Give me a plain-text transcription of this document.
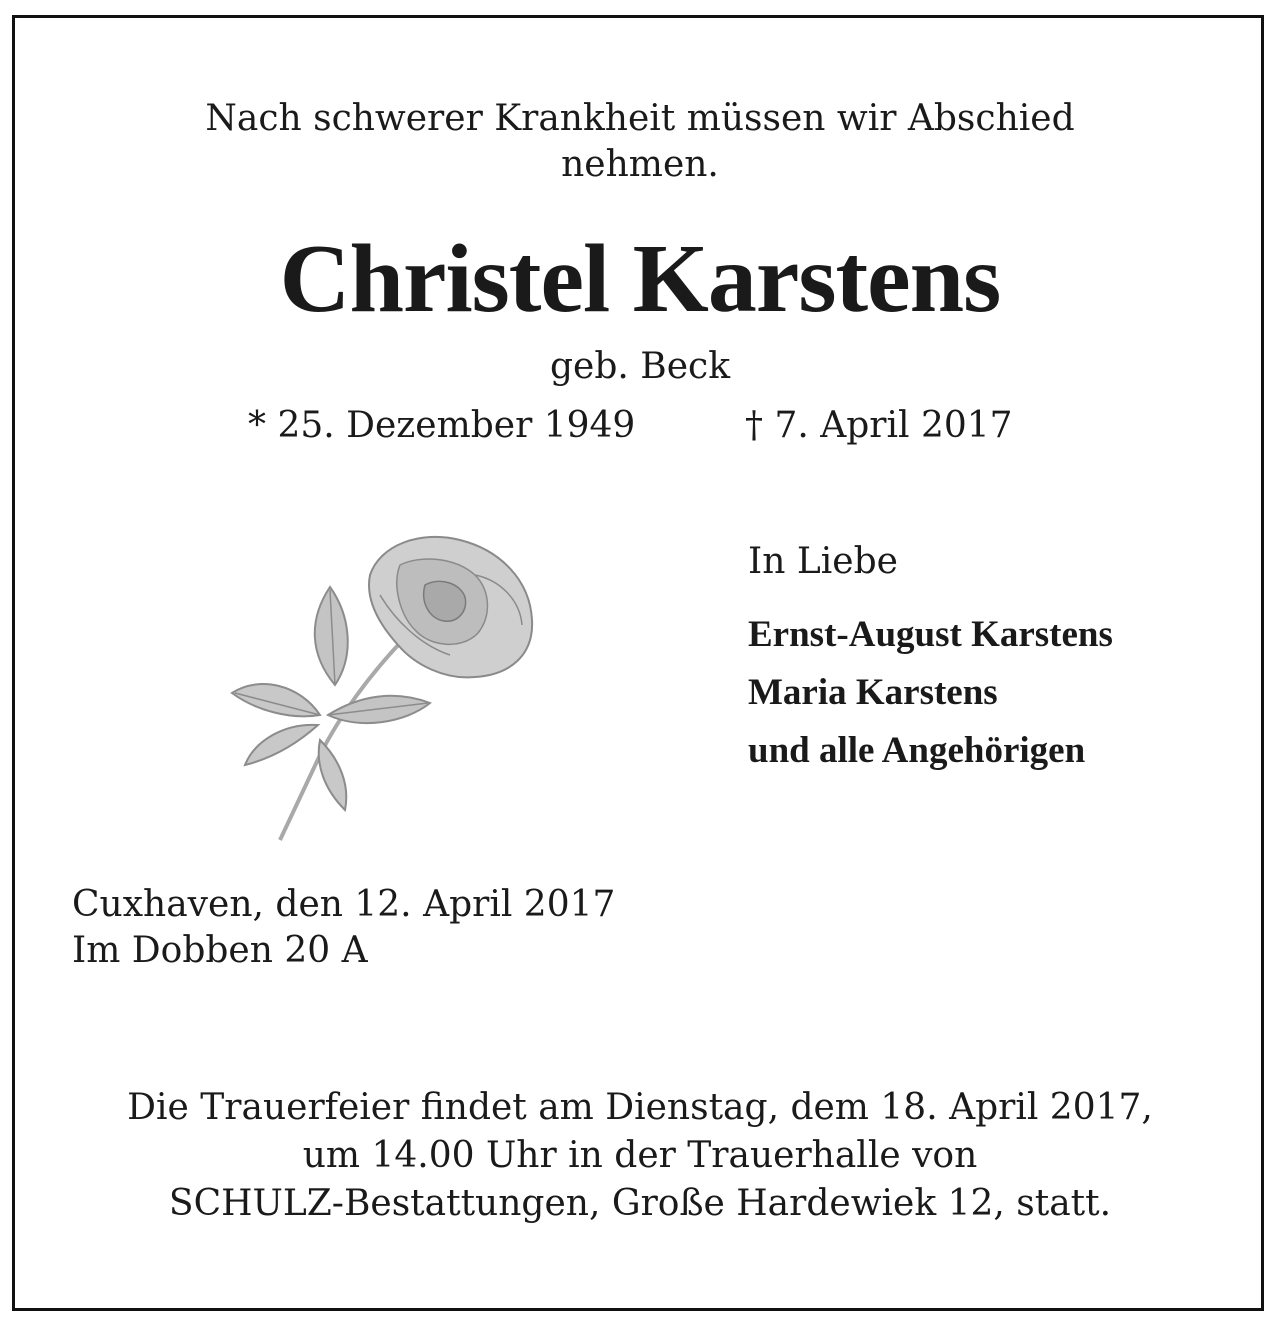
Nach schwerer Krankheit müssen wir Abschied
nehmen.
Christel Karstens
geb. Beck
* 25. Dezember 1949	† 7. April 2017
In Liebe
Ernst-August Karstens
Maria Karstens
und alle Angehörigen
Cuxhaven, den 12. April 2017
Im Dobben 20 A
Die Trauerfeier findet am Dienstag, dem 18. April 2017,
um 14.00 Uhr in der Trauerhalle von
SCHULZ-Bestattungen, Große Hardewiek 12, statt.
